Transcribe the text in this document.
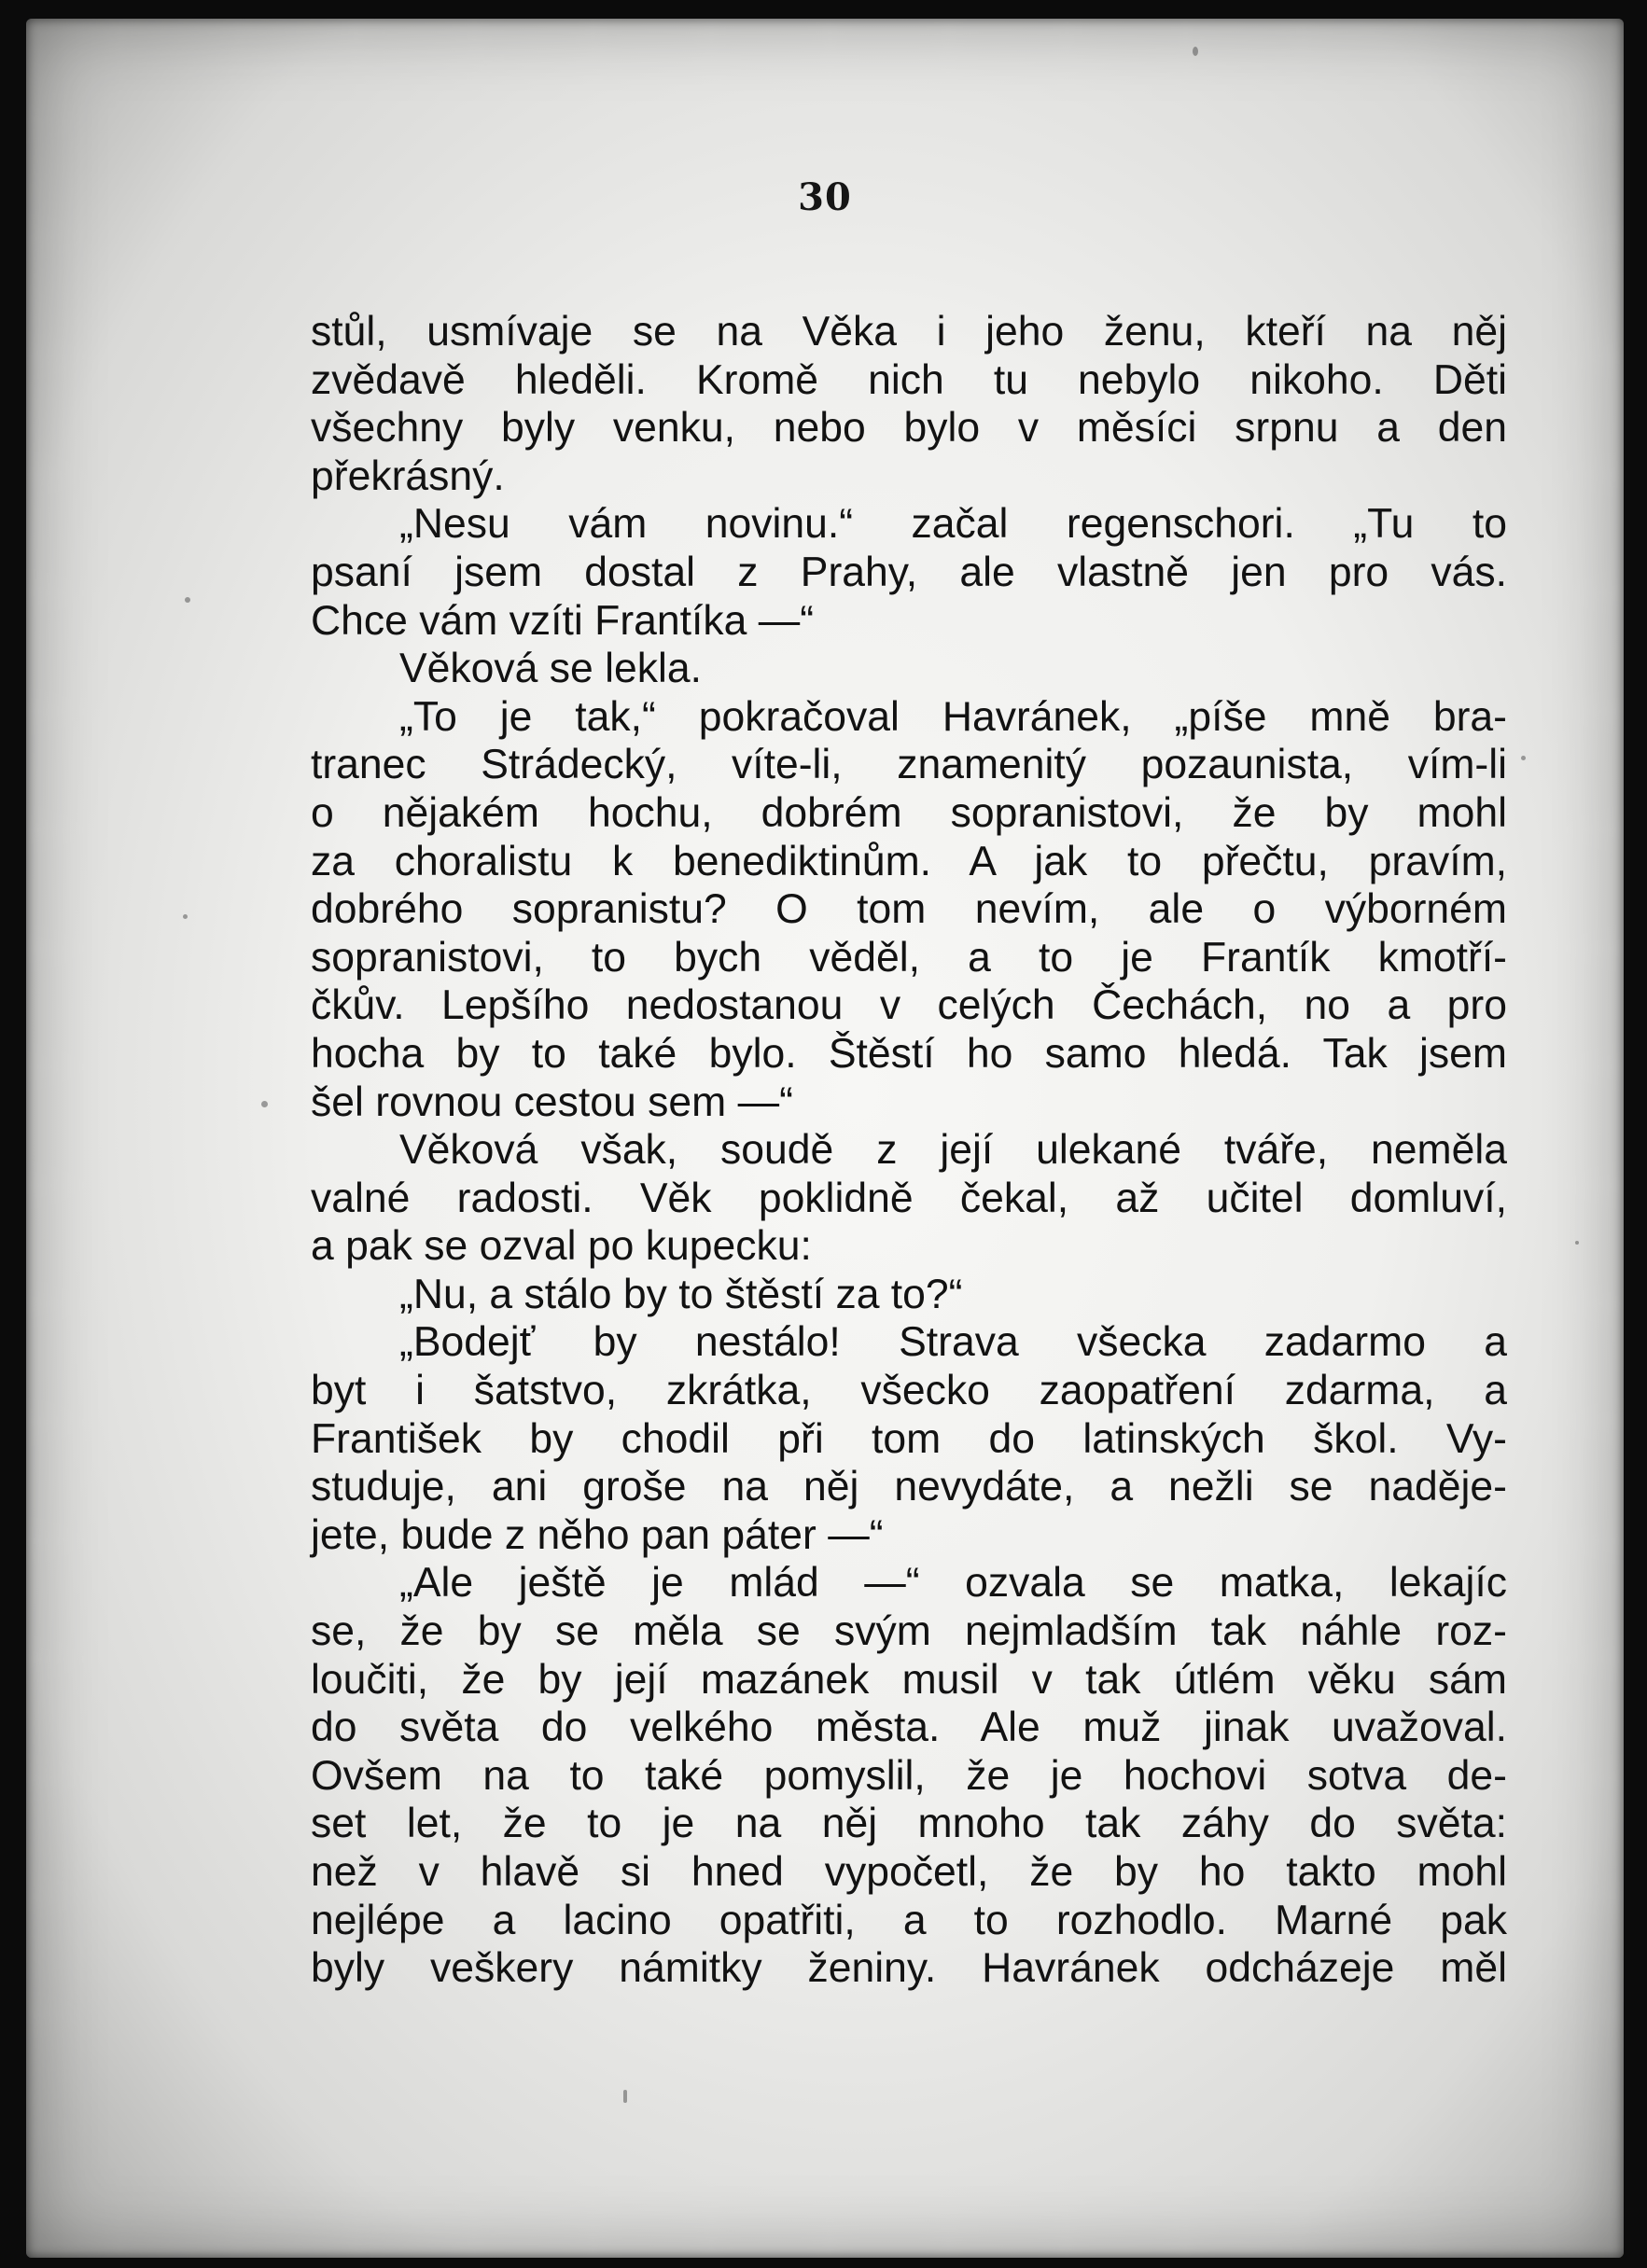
30
stůl, usmívaje se na Věka i jeho ženu, kteří na něj
zvědavě hleděli. Kromě nich tu nebylo nikoho. Děti
všechny byly venku, nebo bylo v měsíci srpnu a den
překrásný.
„Nesu vám novinu.“ začal regenschori. „Tu to
psaní jsem dostal z Prahy, ale vlastně jen pro vás.
Chce vám vzíti Frantíka —“
Věková se lekla.
„To je tak,“ pokračoval Havránek, „píše mně bra-
tranec Strádecký, víte-li, znamenitý pozaunista, vím-li
o nějakém hochu, dobrém sopranistovi, že by mohl
za choralistu k benediktinům. A jak to přečtu, pravím,
dobrého sopranistu? O tom nevím, ale o výborném
sopranistovi, to bych věděl, a to je Frantík kmotří-
čkův. Lepšího nedostanou v celých Čechách, no a pro
hocha by to také bylo. Štěstí ho samo hledá. Tak jsem
šel rovnou cestou sem —“
Věková však, soudě z její ulekané tváře, neměla
valné radosti. Věk poklidně čekal, až učitel domluví,
a pak se ozval po kupecku:
„Nu, a stálo by to štěstí za to?“
„Bodejť by nestálo! Strava všecka zadarmo a
byt i šatstvo, zkrátka, všecko zaopatření zdarma, a
František by chodil při tom do latinských škol. Vy-
studuje, ani groše na něj nevydáte, a nežli se naděje-
jete, bude z něho pan páter —“
„Ale ještě je mlád —“ ozvala se matka, lekajíc
se, že by se měla se svým nejmladším tak náhle roz-
loučiti, že by její mazánek musil v tak útlém věku sám
do světa do velkého města. Ale muž jinak uvažoval.
Ovšem na to také pomyslil, že je hochovi sotva de-
set let, že to je na něj mnoho tak záhy do světa:
než v hlavě si hned vypočetl, že by ho takto mohl
nejlépe a lacino opatřiti, a to rozhodlo. Marné pak
byly veškery námitky ženiny. Havránek odcházeje měl
